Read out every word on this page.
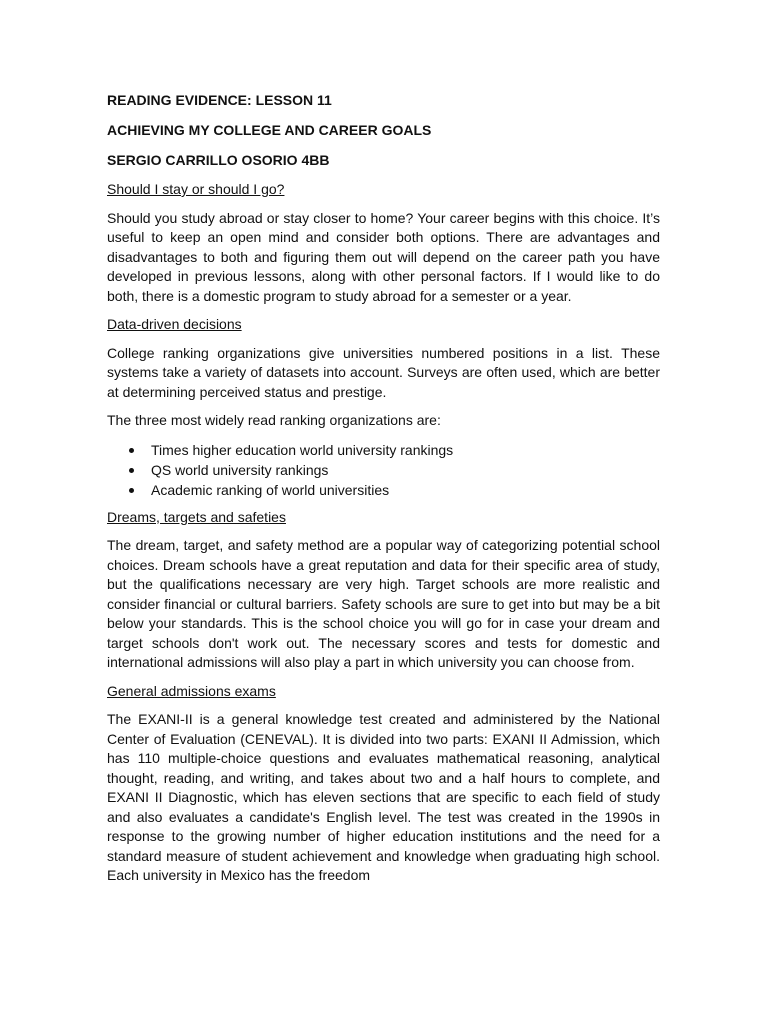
READING EVIDENCE: LESSON 11
ACHIEVING MY COLLEGE AND CAREER GOALS
SERGIO CARRILLO OSORIO 4BB
Should I stay or should I go?

Should you study abroad or stay closer to home? Your career begins with this choice. It’s useful to keep an open mind and consider both options. There are advantages and disadvantages to both and figuring them out will depend on the career path you have developed in previous lessons, along with other personal factors. If I would like to do both, there is a domestic program to study abroad for a semester or a year.

Data-driven decisions

College ranking organizations give universities numbered positions in a list. These systems take a variety of datasets into account. Surveys are often used, which are better at determining perceived status and prestige.

The three most widely read ranking organizations are:

Times higher education world university rankings
QS world university rankings
Academic ranking of world universities
Dreams, targets and safeties

The dream, target, and safety method are a popular way of categorizing potential school choices. Dream schools have a great reputation and data for their specific area of study, but the qualifications necessary are very high. Target schools are more realistic and consider financial or cultural barriers. Safety schools are sure to get into but may be a bit below your standards. This is the school choice you will go for in case your dream and target schools don't work out. The necessary scores and tests for domestic and international admissions will also play a part in which university you can choose from.

General admissions exams

The EXANI-II is a general knowledge test created and administered by the National Center of Evaluation (CENEVAL). It is divided into two parts: EXANI II Admission, which has 110 multiple-choice questions and evaluates mathematical reasoning, analytical thought, reading, and writing, and takes about two and a half hours to complete, and EXANI II Diagnostic, which has eleven sections that are specific to each field of study and also evaluates a candidate's English level. The test was created in the 1990s in response to the growing number of higher education institutions and the need for a standard measure of student achievement and knowledge when graduating high school. Each university in Mexico has the freedom
